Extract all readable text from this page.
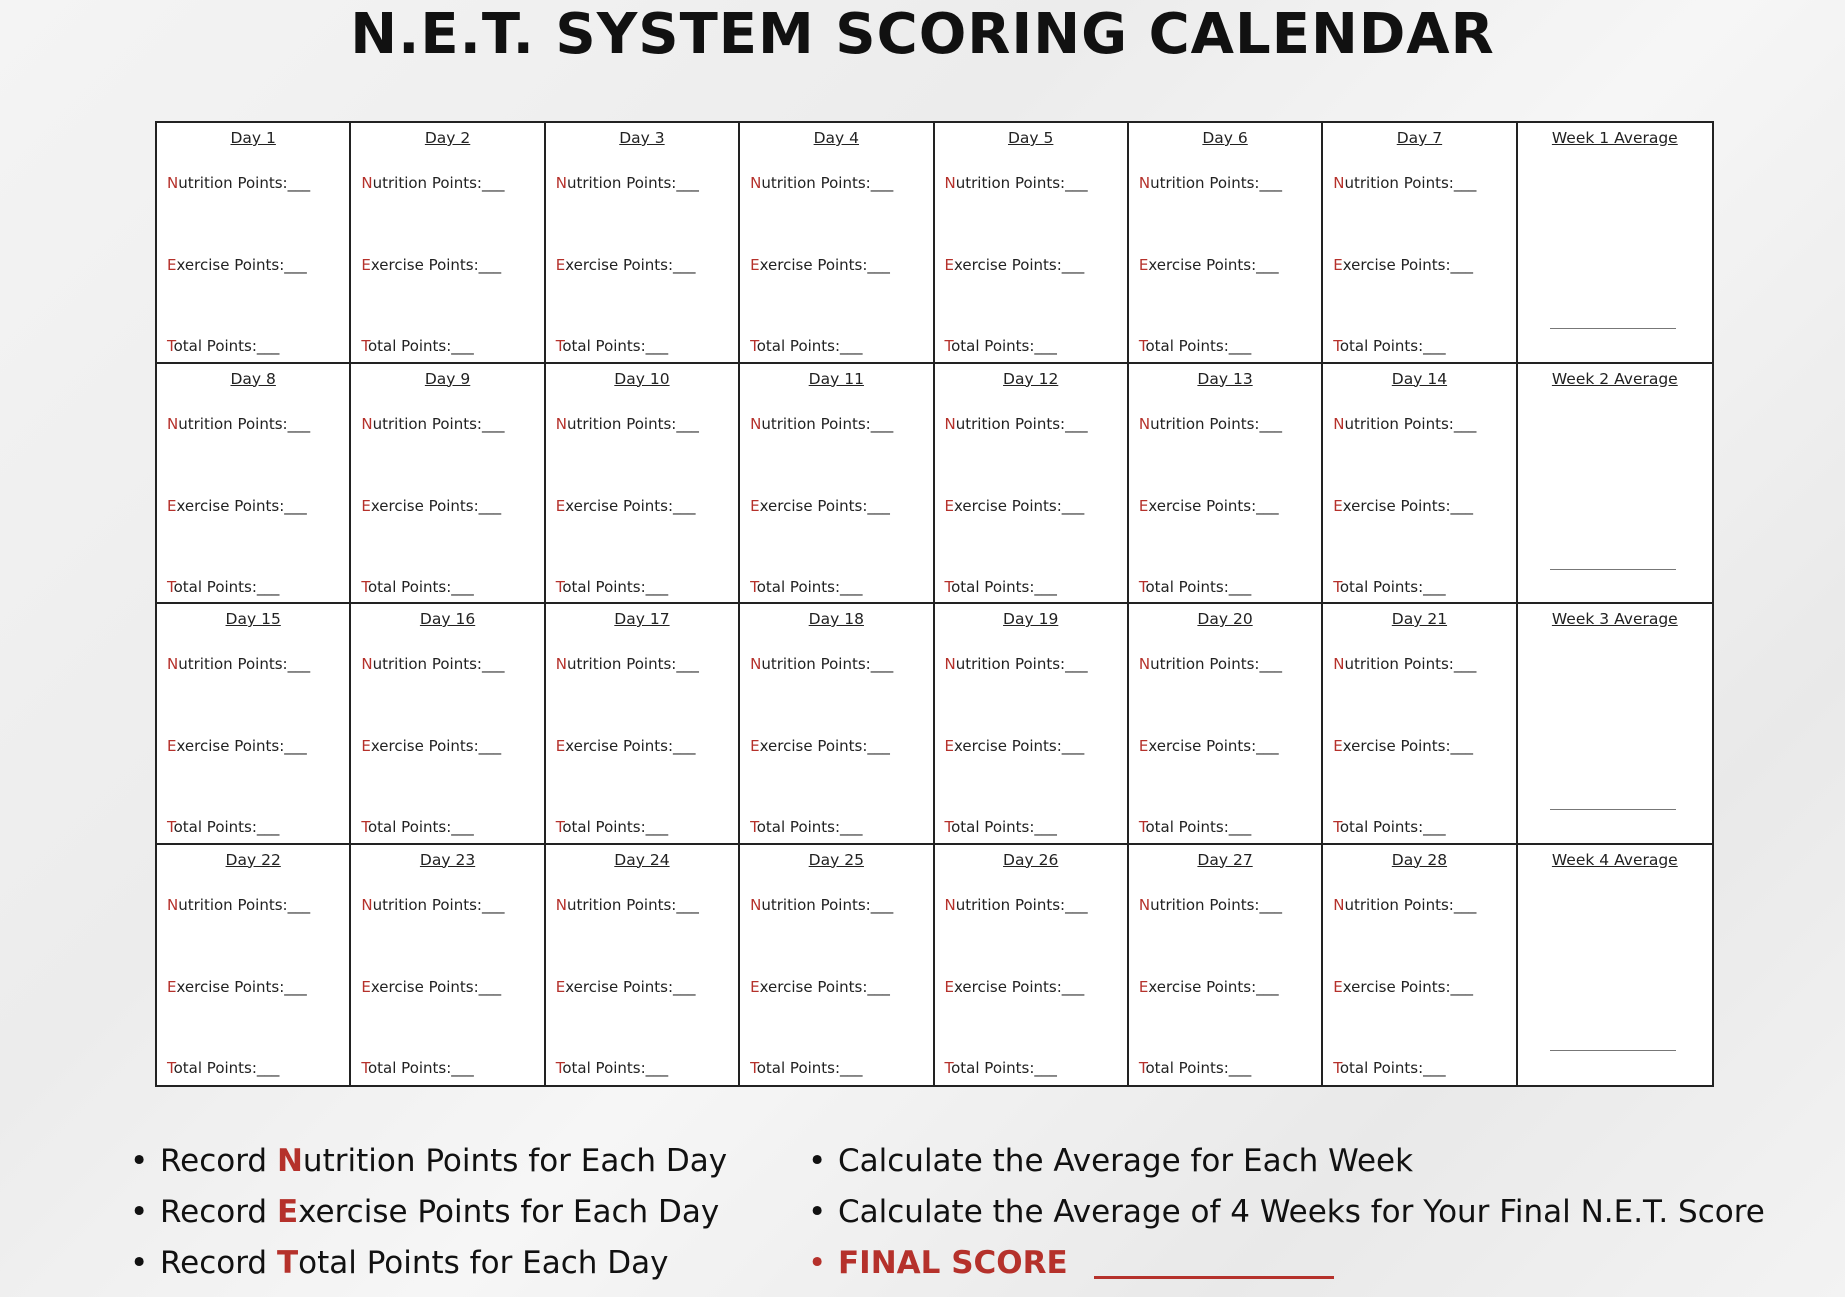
N.E.T. SYSTEM SCORING CALENDAR
Day 1
Nutrition Points:___
Exercise Points:___
Total Points:___
Day 2
Nutrition Points:___
Exercise Points:___
Total Points:___
Day 3
Nutrition Points:___
Exercise Points:___
Total Points:___
Day 4
Nutrition Points:___
Exercise Points:___
Total Points:___
Day 5
Nutrition Points:___
Exercise Points:___
Total Points:___
Day 6
Nutrition Points:___
Exercise Points:___
Total Points:___
Day 7
Nutrition Points:___
Exercise Points:___
Total Points:___
Week 1 Average
Day 8
Nutrition Points:___
Exercise Points:___
Total Points:___
Day 9
Nutrition Points:___
Exercise Points:___
Total Points:___
Day 10
Nutrition Points:___
Exercise Points:___
Total Points:___
Day 11
Nutrition Points:___
Exercise Points:___
Total Points:___
Day 12
Nutrition Points:___
Exercise Points:___
Total Points:___
Day 13
Nutrition Points:___
Exercise Points:___
Total Points:___
Day 14
Nutrition Points:___
Exercise Points:___
Total Points:___
Week 2 Average
Day 15
Nutrition Points:___
Exercise Points:___
Total Points:___
Day 16
Nutrition Points:___
Exercise Points:___
Total Points:___
Day 17
Nutrition Points:___
Exercise Points:___
Total Points:___
Day 18
Nutrition Points:___
Exercise Points:___
Total Points:___
Day 19
Nutrition Points:___
Exercise Points:___
Total Points:___
Day 20
Nutrition Points:___
Exercise Points:___
Total Points:___
Day 21
Nutrition Points:___
Exercise Points:___
Total Points:___
Week 3 Average
Day 22
Nutrition Points:___
Exercise Points:___
Total Points:___
Day 23
Nutrition Points:___
Exercise Points:___
Total Points:___
Day 24
Nutrition Points:___
Exercise Points:___
Total Points:___
Day 25
Nutrition Points:___
Exercise Points:___
Total Points:___
Day 26
Nutrition Points:___
Exercise Points:___
Total Points:___
Day 27
Nutrition Points:___
Exercise Points:___
Total Points:___
Day 28
Nutrition Points:___
Exercise Points:___
Total Points:___
Week 4 Average
• Record Nutrition Points for Each Day
• Record Exercise Points for Each Day
• Record Total Points for Each Day
• Calculate the Average for Each Week
• Calculate the Average of 4 Weeks for Your Final N.E.T. Score
• FINAL SCORE
